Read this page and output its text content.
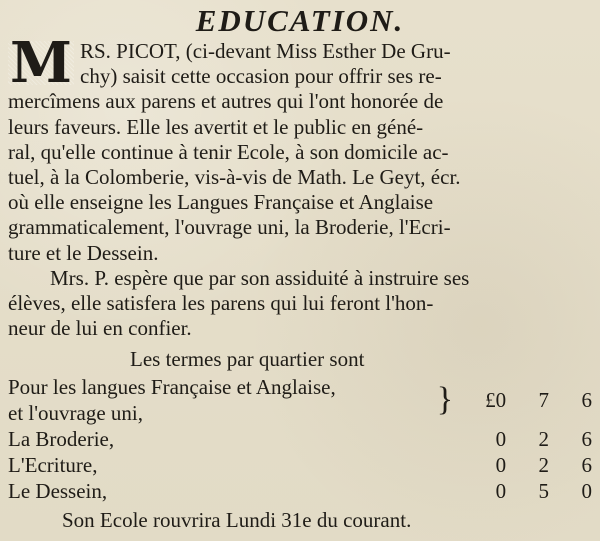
EDUCATION.
M RS. PICOT, (ci-devant Miss Esther De Gru-
chy) saisit cette occasion pour offrir ses re-
mercîmens aux parens et autres qui l'ont honorée de
leurs faveurs. Elle les avertit et le public en géné-
ral, qu'elle continue à tenir Ecole, à son domicile ac-
tuel, à la Colomberie, vis-à-vis de Math. Le Geyt, écr.
où elle enseigne les Langues Française et Anglaise
grammaticalement, l'ouvrage uni, la Broderie, l'Ecri-
ture et le Dessein.
Mrs. P. espère que par son assiduité à instruire ses
élèves, elle satisfera les parens qui lui feront l'hon-
neur de lui en confier.
Les termes par quartier sont
Pour les langues Française et Anglaise,	}	£0	7	6
et l'ouvrage uni,				
La Broderie,		0	2	6
L'Ecriture,		0	2	6
Le Dessein,		0	5	0
Son Ecole rouvrira Lundi 31e du courant.
